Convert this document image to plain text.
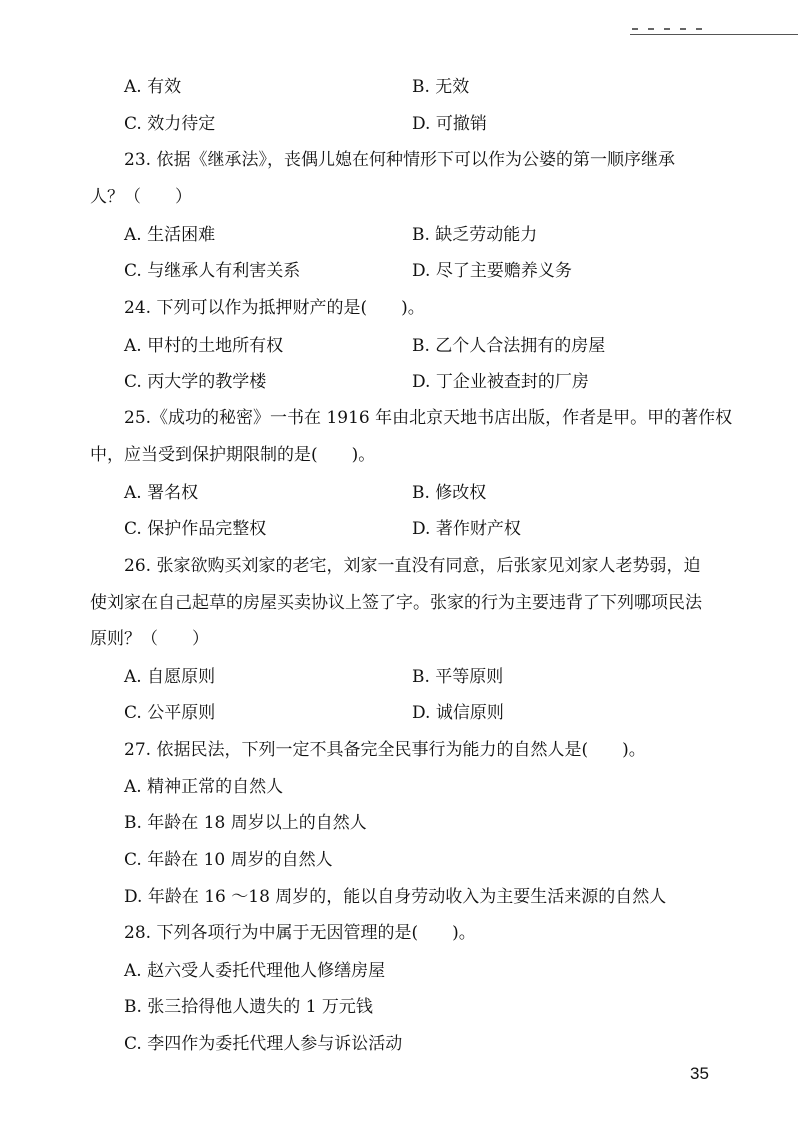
A. 有效	B. 无效
C. 效力待定	D. 可撤销
23. 依据《继承法》，丧偶儿媳在何种情形下可以作为公婆的第一顺序继承
人？（　　）
A. 生活困难	B. 缺乏劳动能力
C. 与继承人有利害关系	D. 尽了主要赡养义务
24. 下列可以作为抵押财产的是(　　)。
A. 甲村的土地所有权	B. 乙个人合法拥有的房屋
C. 丙大学的教学楼	D. 丁企业被查封的厂房
25.《成功的秘密》一书在 1916 年由北京天地书店出版，作者是甲。甲的著作权
中，应当受到保护期限制的是(　　)。
A. 署名权	B. 修改权
C. 保护作品完整权	D. 著作财产权
26. 张家欲购买刘家的老宅，刘家一直没有同意，后张家见刘家人老势弱，迫
使刘家在自己起草的房屋买卖协议上签了字。张家的行为主要违背了下列哪项民法
原则？（　　）
A. 自愿原则	B. 平等原则
C. 公平原则	D. 诚信原则
27. 依据民法，下列一定不具备完全民事行为能力的自然人是(　　)。
A. 精神正常的自然人
B. 年龄在 18 周岁以上的自然人
C. 年龄在 10 周岁的自然人
D. 年龄在 16 ～18 周岁的，能以自身劳动收入为主要生活来源的自然人
28. 下列各项行为中属于无因管理的是(　　)。
A. 赵六受人委托代理他人修缮房屋
B. 张三拾得他人遗失的 1 万元钱
C. 李四作为委托代理人参与诉讼活动
35
